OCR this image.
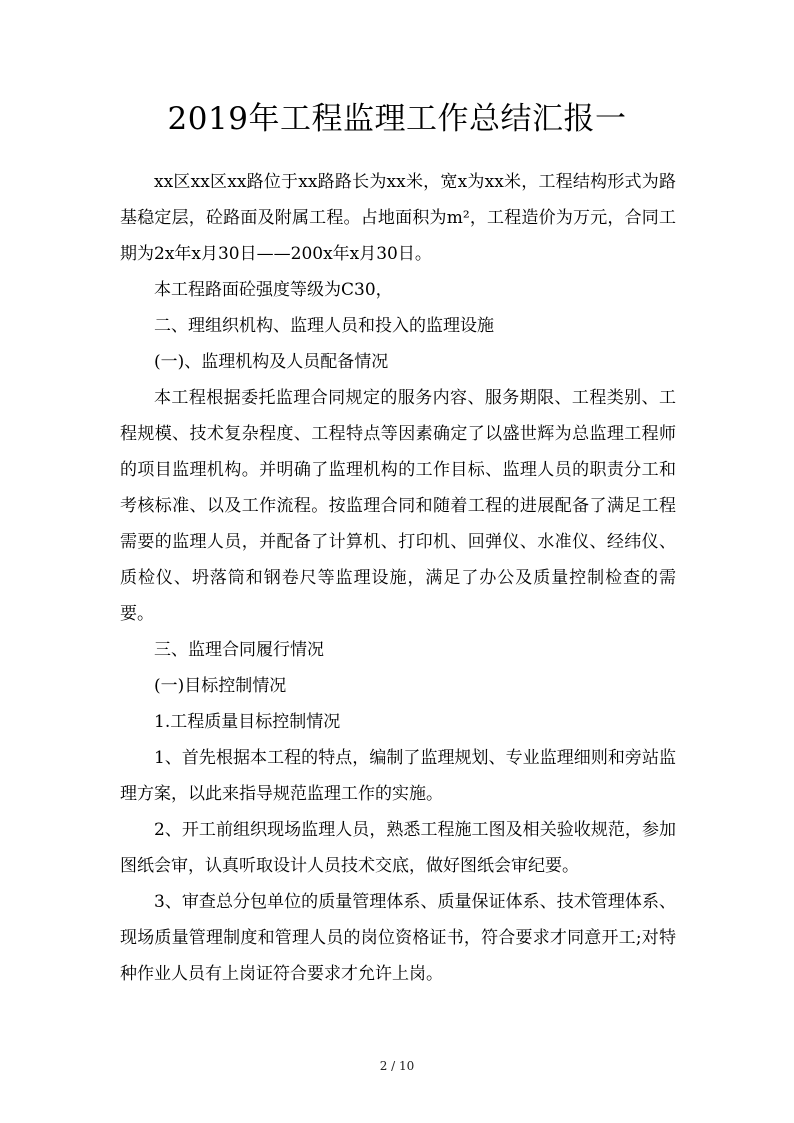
2019年工程监理工作总结汇报一

xx区xx区xx路位于xx路路长为xx米，宽x为xx米，工程结构形式为路基稳定层，砼路面及附属工程。占地面积为m²，工程造价为万元，合同工期为2x年x月30日——200x年x月30日。

本工程路面砼强度等级为C30，

二、理组织机构、监理人员和投入的监理设施

(一)、监理机构及人员配备情况

本工程根据委托监理合同规定的服务内容、服务期限、工程类别、工程规模、技术复杂程度、工程特点等因素确定了以盛世辉为总监理工程师的项目监理机构。并明确了监理机构的工作目标、监理人员的职责分工和考核标准、以及工作流程。按监理合同和随着工程的进展配备了满足工程需要的监理人员，并配备了计算机、打印机、回弹仪、水准仪、经纬仪、质检仪、坍落筒和钢卷尺等监理设施，满足了办公及质量控制检查的需要。

三、监理合同履行情况

(一)目标控制情况

1.工程质量目标控制情况

1、首先根据本工程的特点，编制了监理规划、专业监理细则和旁站监理方案，以此来指导规范监理工作的实施。

2、开工前组织现场监理人员，熟悉工程施工图及相关验收规范，参加图纸会审，认真听取设计人员技术交底，做好图纸会审纪要。

3、审查总分包单位的质量管理体系、质量保证体系、技术管理体系、现场质量管理制度和管理人员的岗位资格证书，符合要求才同意开工;对特种作业人员有上岗证符合要求才允许上岗。

2 / 10
